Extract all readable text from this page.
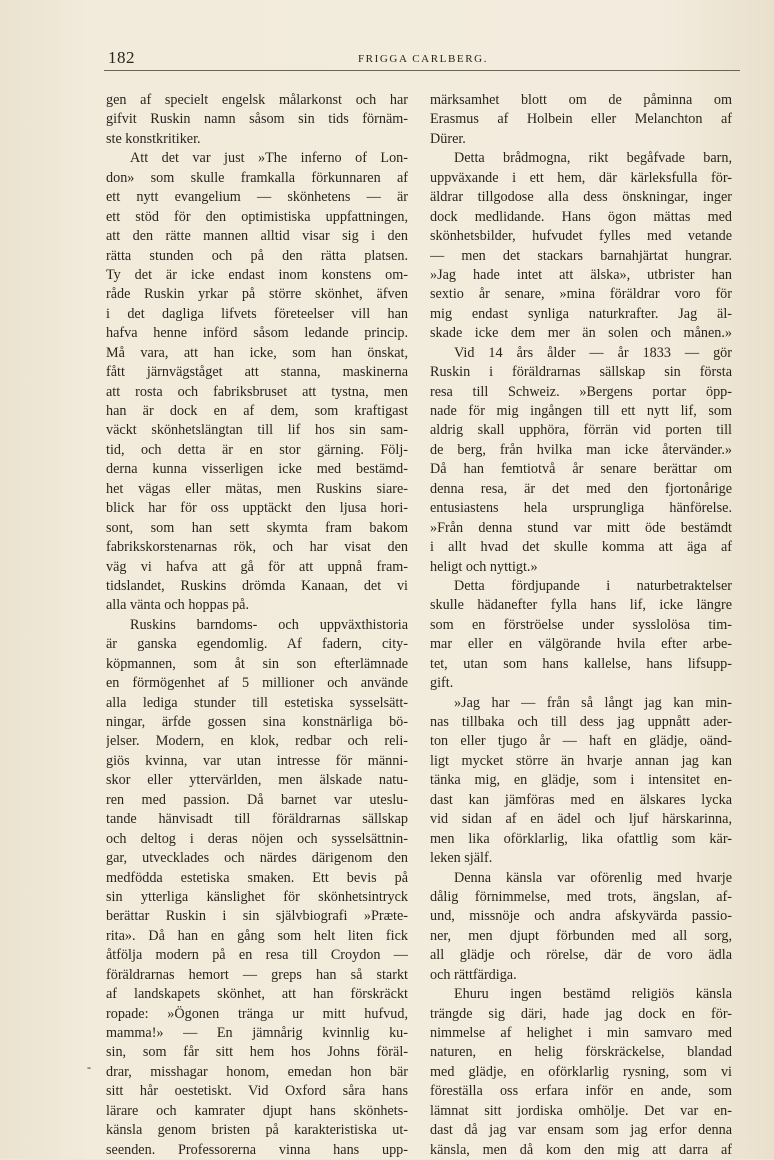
182	FRIGGA CARLBERG.
gen af specielt engelsk målarkonst och har
gifvit Ruskin namn såsom sin tids förnäm-
ste konstkritiker.
Att det var just »The inferno of Lon-
don» som skulle framkalla förkunnaren af
ett nytt evangelium — skönhetens — är
ett stöd för den optimistiska uppfattningen,
att den rätte mannen alltid visar sig i den
rätta stunden och på den rätta platsen.
Ty det är icke endast inom konstens om-
råde Ruskin yrkar på större skönhet, äfven
i det dagliga lifvets företeelser vill han
hafva henne införd såsom ledande princip.
Må vara, att han icke, som han önskat,
fått järnvägståget att stanna, maskinerna
att rosta och fabriksbruset att tystna, men
han är dock en af dem, som kraftigast
väckt skönhetslängtan till lif hos sin sam-
tid, och detta är en stor gärning. Följ-
derna kunna visserligen icke med bestämd-
het vägas eller mätas, men Ruskins siare-
blick har för oss upptäckt den ljusa hori-
sont, som han sett skymta fram bakom
fabrikskorstenarnas rök, och har visat den
väg vi hafva att gå för att uppnå fram-
tidslandet, Ruskins drömda Kanaan, det vi
alla vänta och hoppas på.
Ruskins barndoms- och uppväxthistoria
är ganska egendomlig. Af fadern, city-
köpmannen, som åt sin son efterlämnade
en förmögenhet af 5 millioner och använde
alla lediga stunder till estetiska sysselsätt-
ningar, ärfde gossen sina konstnärliga bö-
jelser. Modern, en klok, redbar och reli-
giös kvinna, var utan intresse för männi-
skor eller yttervärlden, men älskade natu-
ren med passion. Då barnet var uteslu-
tande hänvisadt till föräldrarnas sällskap
och deltog i deras nöjen och sysselsättnin-
gar, utvecklades och närdes därigenom den
medfödda estetiska smaken. Ett bevis på
sin ytterliga känslighet för skönhetsintryck
berättar Ruskin i sin självbiografi »Præte-
rita». Då han en gång som helt liten fick
åtfölja modern på en resa till Croydon —
föräldrarnas hemort — greps han så starkt
af landskapets skönhet, att han förskräckt
ropade: »Ögonen tränga ur mitt hufvud,
mamma!» — En jämnårig kvinnlig ku-
sin, som får sitt hem hos Johns föräl-
drar, misshagar honom, emedan hon bär
sitt hår oestetiskt. Vid Oxford såra hans
lärare och kamrater djupt hans skönhets-
känsla genom bristen på karakteristiska ut-
seenden. Professorerna vinna hans upp-
märksamhet blott om de påminna om
Erasmus af Holbein eller Melanchton af
Dürer.
Detta brådmogna, rikt begåfvade barn,
uppväxande i ett hem, där kärleksfulla för-
äldrar tillgodose alla dess önskningar, inger
dock medlidande. Hans ögon mättas med
skönhetsbilder, hufvudet fylles med vetande
— men det stackars barnahjärtat hungrar.
»Jag hade intet att älska», utbrister han
sextio år senare, »mina föräldrar voro för
mig endast synliga naturkrafter. Jag äl-
skade icke dem mer än solen och månen.»
Vid 14 års ålder — år 1833 — gör
Ruskin i föräldrarnas sällskap sin första
resa till Schweiz. »Bergens portar öpp-
nade för mig ingången till ett nytt lif, som
aldrig skall upphöra, förrän vid porten till
de berg, från hvilka man icke återvänder.»
Då han femtiotvå år senare berättar om
denna resa, är det med den fjortonårige
entusiastens hela ursprungliga hänförelse.
»Från denna stund var mitt öde bestämdt
i allt hvad det skulle komma att äga af
heligt och nyttigt.»
Detta fördjupande i naturbetraktelser
skulle hädanefter fylla hans lif, icke längre
som en förströelse under sysslolösa tim-
mar eller en välgörande hvila efter arbe-
tet, utan som hans kallelse, hans lifsupp-
gift.
»Jag har — från så långt jag kan min-
nas tillbaka och till dess jag uppnått ader-
ton eller tjugo år — haft en glädje, oänd-
ligt mycket större än hvarje annan jag kan
tänka mig, en glädje, som i intensitet en-
dast kan jämföras med en älskares lycka
vid sidan af en ädel och ljuf härskarinna,
men lika oförklarlig, lika ofattlig som kär-
leken själf.
Denna känsla var oförenlig med hvarje
dålig förnimmelse, med trots, ängslan, af-
und, missnöje och andra afskyvärda passio-
ner, men djupt förbunden med all sorg,
all glädje och rörelse, där de voro ädla
och rättfärdiga.
Ehuru ingen bestämd religiös känsla
trängde sig däri, hade jag dock en för-
nimmelse af helighet i min samvaro med
naturen, en helig förskräckelse, blandad
med glädje, en oförklarlig rysning, som vi
föreställa oss erfara inför en ande, som
lämnat sitt jordiska omhölje. Det var en-
dast då jag var ensam som jag erfor denna
känsla, men då kom den mig att darra af
-
